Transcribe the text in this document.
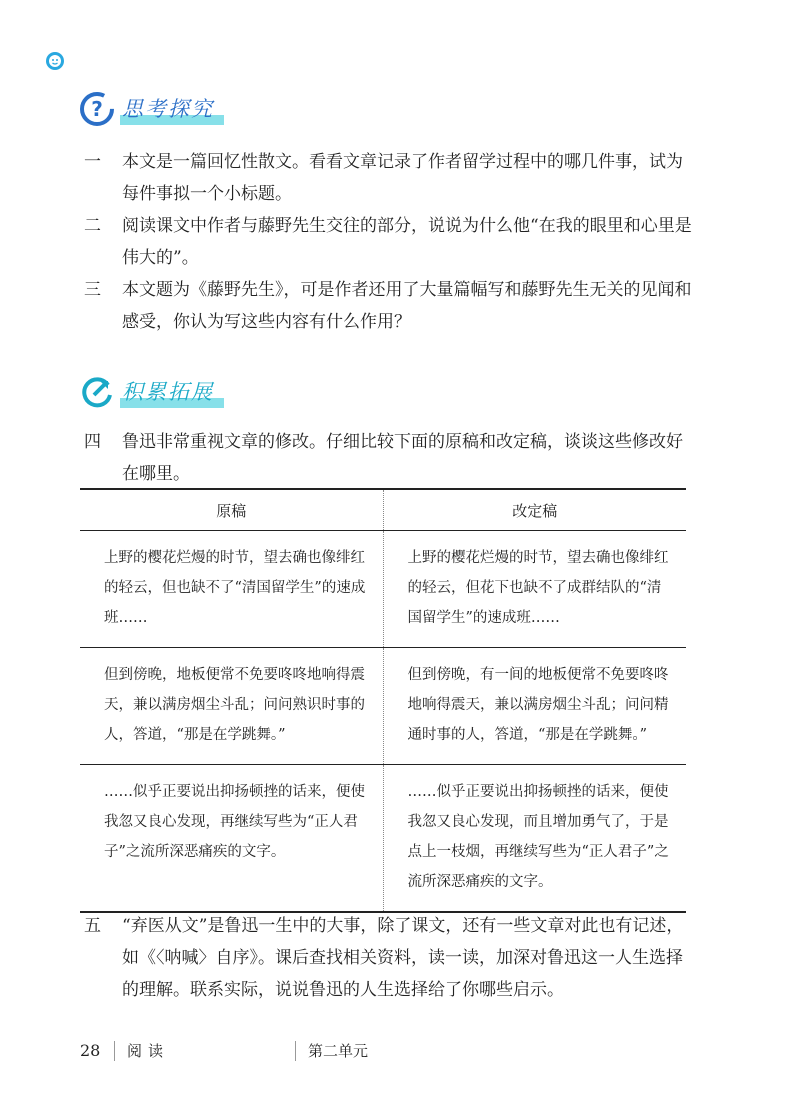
? 思考探究
一	本文是一篇回忆性散文。看看文章记录了作者留学过程中的哪几件事，试为每件事拟一个小标题。
二	阅读课文中作者与藤野先生交往的部分，说说为什么他“在我的眼里和心里是伟大的”。
三	本文题为《藤野先生》，可是作者还用了大量篇幅写和藤野先生无关的见闻和感受，你认为写这些内容有什么作用？
积累拓展
四	鲁迅非常重视文章的修改。仔细比较下面的原稿和改定稿，谈谈这些修改好在哪里。
原稿	改定稿
上野的樱花烂熳的时节，望去确也像绯红的轻云，但也缺不了“清国留学生”的速成班……	上野的樱花烂熳的时节，望去确也像绯红的轻云，但花下也缺不了成群结队的“清国留学生”的速成班……
但到傍晚，地板便常不免要咚咚地响得震天，兼以满房烟尘斗乱；问问熟识时事的人，答道，“那是在学跳舞。”	但到傍晚，有一间的地板便常不免要咚咚地响得震天，兼以满房烟尘斗乱；问问精通时事的人，答道，“那是在学跳舞。”
……似乎正要说出抑扬顿挫的话来，便使我忽又良心发现，再继续写些为“正人君子”之流所深恶痛疾的文字。	……似乎正要说出抑扬顿挫的话来，便使我忽又良心发现，而且增加勇气了，于是点上一枝烟，再继续写些为“正人君子”之流所深恶痛疾的文字。
五	“弃医从文”是鲁迅一生中的大事，除了课文，还有一些文章对此也有记述，如《〈呐喊〉自序》。课后查找相关资料，读一读，加深对鲁迅这一人生选择的理解。联系实际，说说鲁迅的人生选择给了你哪些启示。
28	阅读	第二单元
